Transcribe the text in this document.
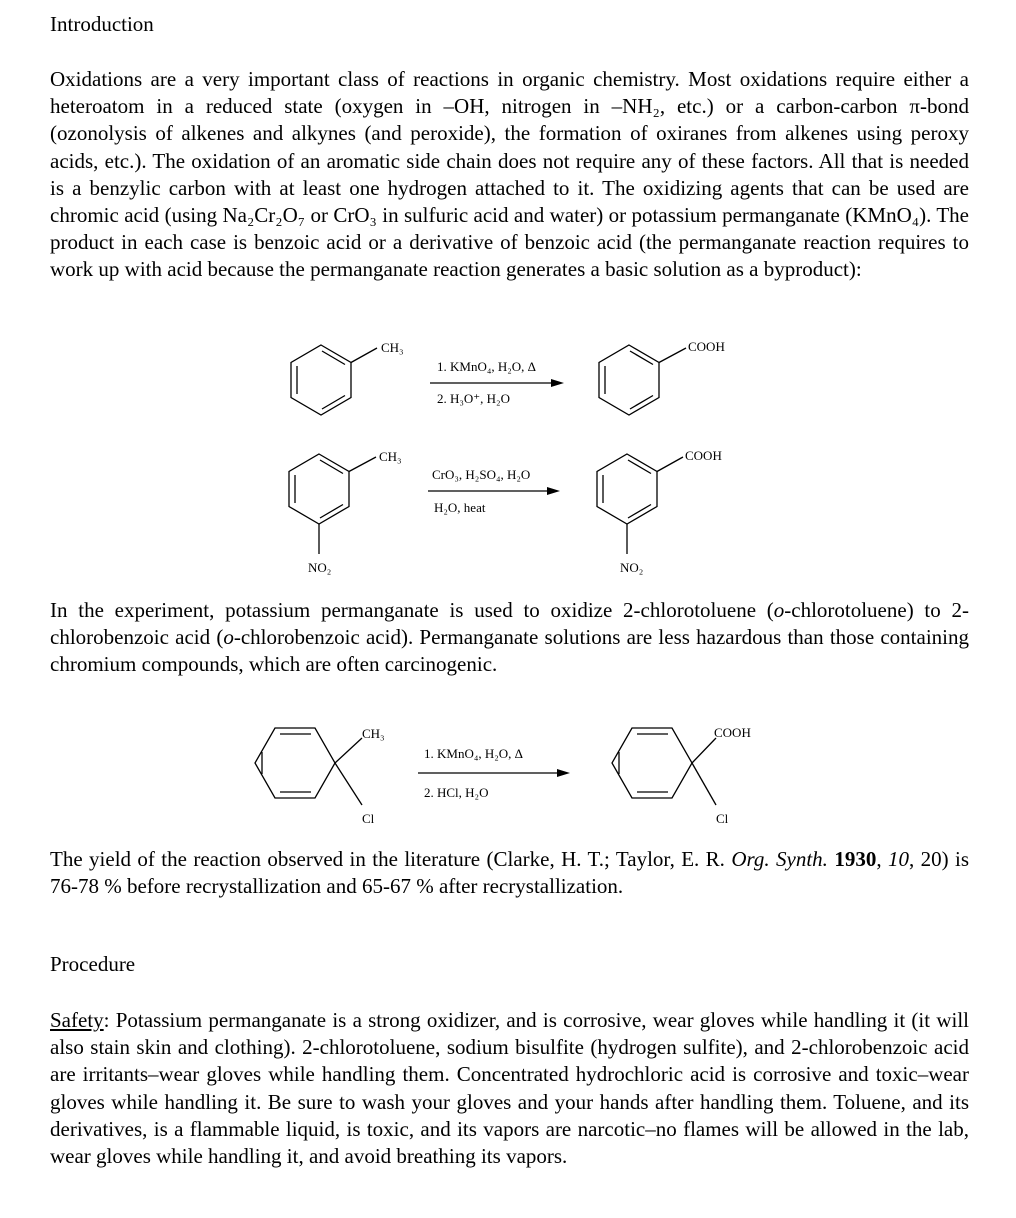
Introduction

Oxidations are a very important class of reactions in organic chemistry. Most oxidations require either a heteroatom in a reduced state (oxygen in –OH, nitrogen in –NH₂, etc.) or a carbon-carbon π-bond (ozonolysis of alkenes and alkynes (and peroxide), the formation of oxiranes from alkenes using peroxy acids, etc.). The oxidation of an aromatic side chain does not require any of these factors. All that is needed is a benzylic carbon with at least one hydrogen attached to it. The oxidizing agents that can be used are chromic acid (using Na₂Cr₂O₇ or CrO₃ in sulfuric acid and water) or potassium permanganate (KMnO₄). The product in each case is benzoic acid or a derivative of benzoic acid (the permanganate reaction requires to work up with acid because the permanganate reaction generates a basic solution as a byproduct):

CH₃	COOH
1. KMnO₄, H₂O, Δ
2. H₃O⁺, H₂O
CH₃
NO₂
COOH
NO₂
CrO₃, H₂SO₄, H₂O
H₂O, heat
CH₃
Cl
COOH
Cl
1. KMnO₄, H₂O, Δ
2. HCl, H₂O

In the experiment, potassium permanganate is used to oxidize 2-chlorotoluene (o-chlorotoluene) to 2-chlorobenzoic acid (o-chlorobenzoic acid). Permanganate solutions are less hazardous than those containing chromium compounds, which are often carcinogenic.

The yield of the reaction observed in the literature (Clarke, H. T.; Taylor, E. R. Org. Synth. 1930, 10, 20) is 76-78 % before recrystallization and 65-67 % after recrystallization.

Procedure

Safety: Potassium permanganate is a strong oxidizer, and is corrosive, wear gloves while handling it (it will also stain skin and clothing). 2-chlorotoluene, sodium bisulfite (hydrogen sulfite), and 2-chlorobenzoic acid are irritants–wear gloves while handling them. Concentrated hydrochloric acid is corrosive and toxic–wear gloves while handling it. Be sure to wash your gloves and your hands after handling them. Toluene, and its derivatives, is a flammable liquid, is toxic, and its vapors are narcotic–no flames will be allowed in the lab, wear gloves while handling it, and avoid breathing its vapors.
